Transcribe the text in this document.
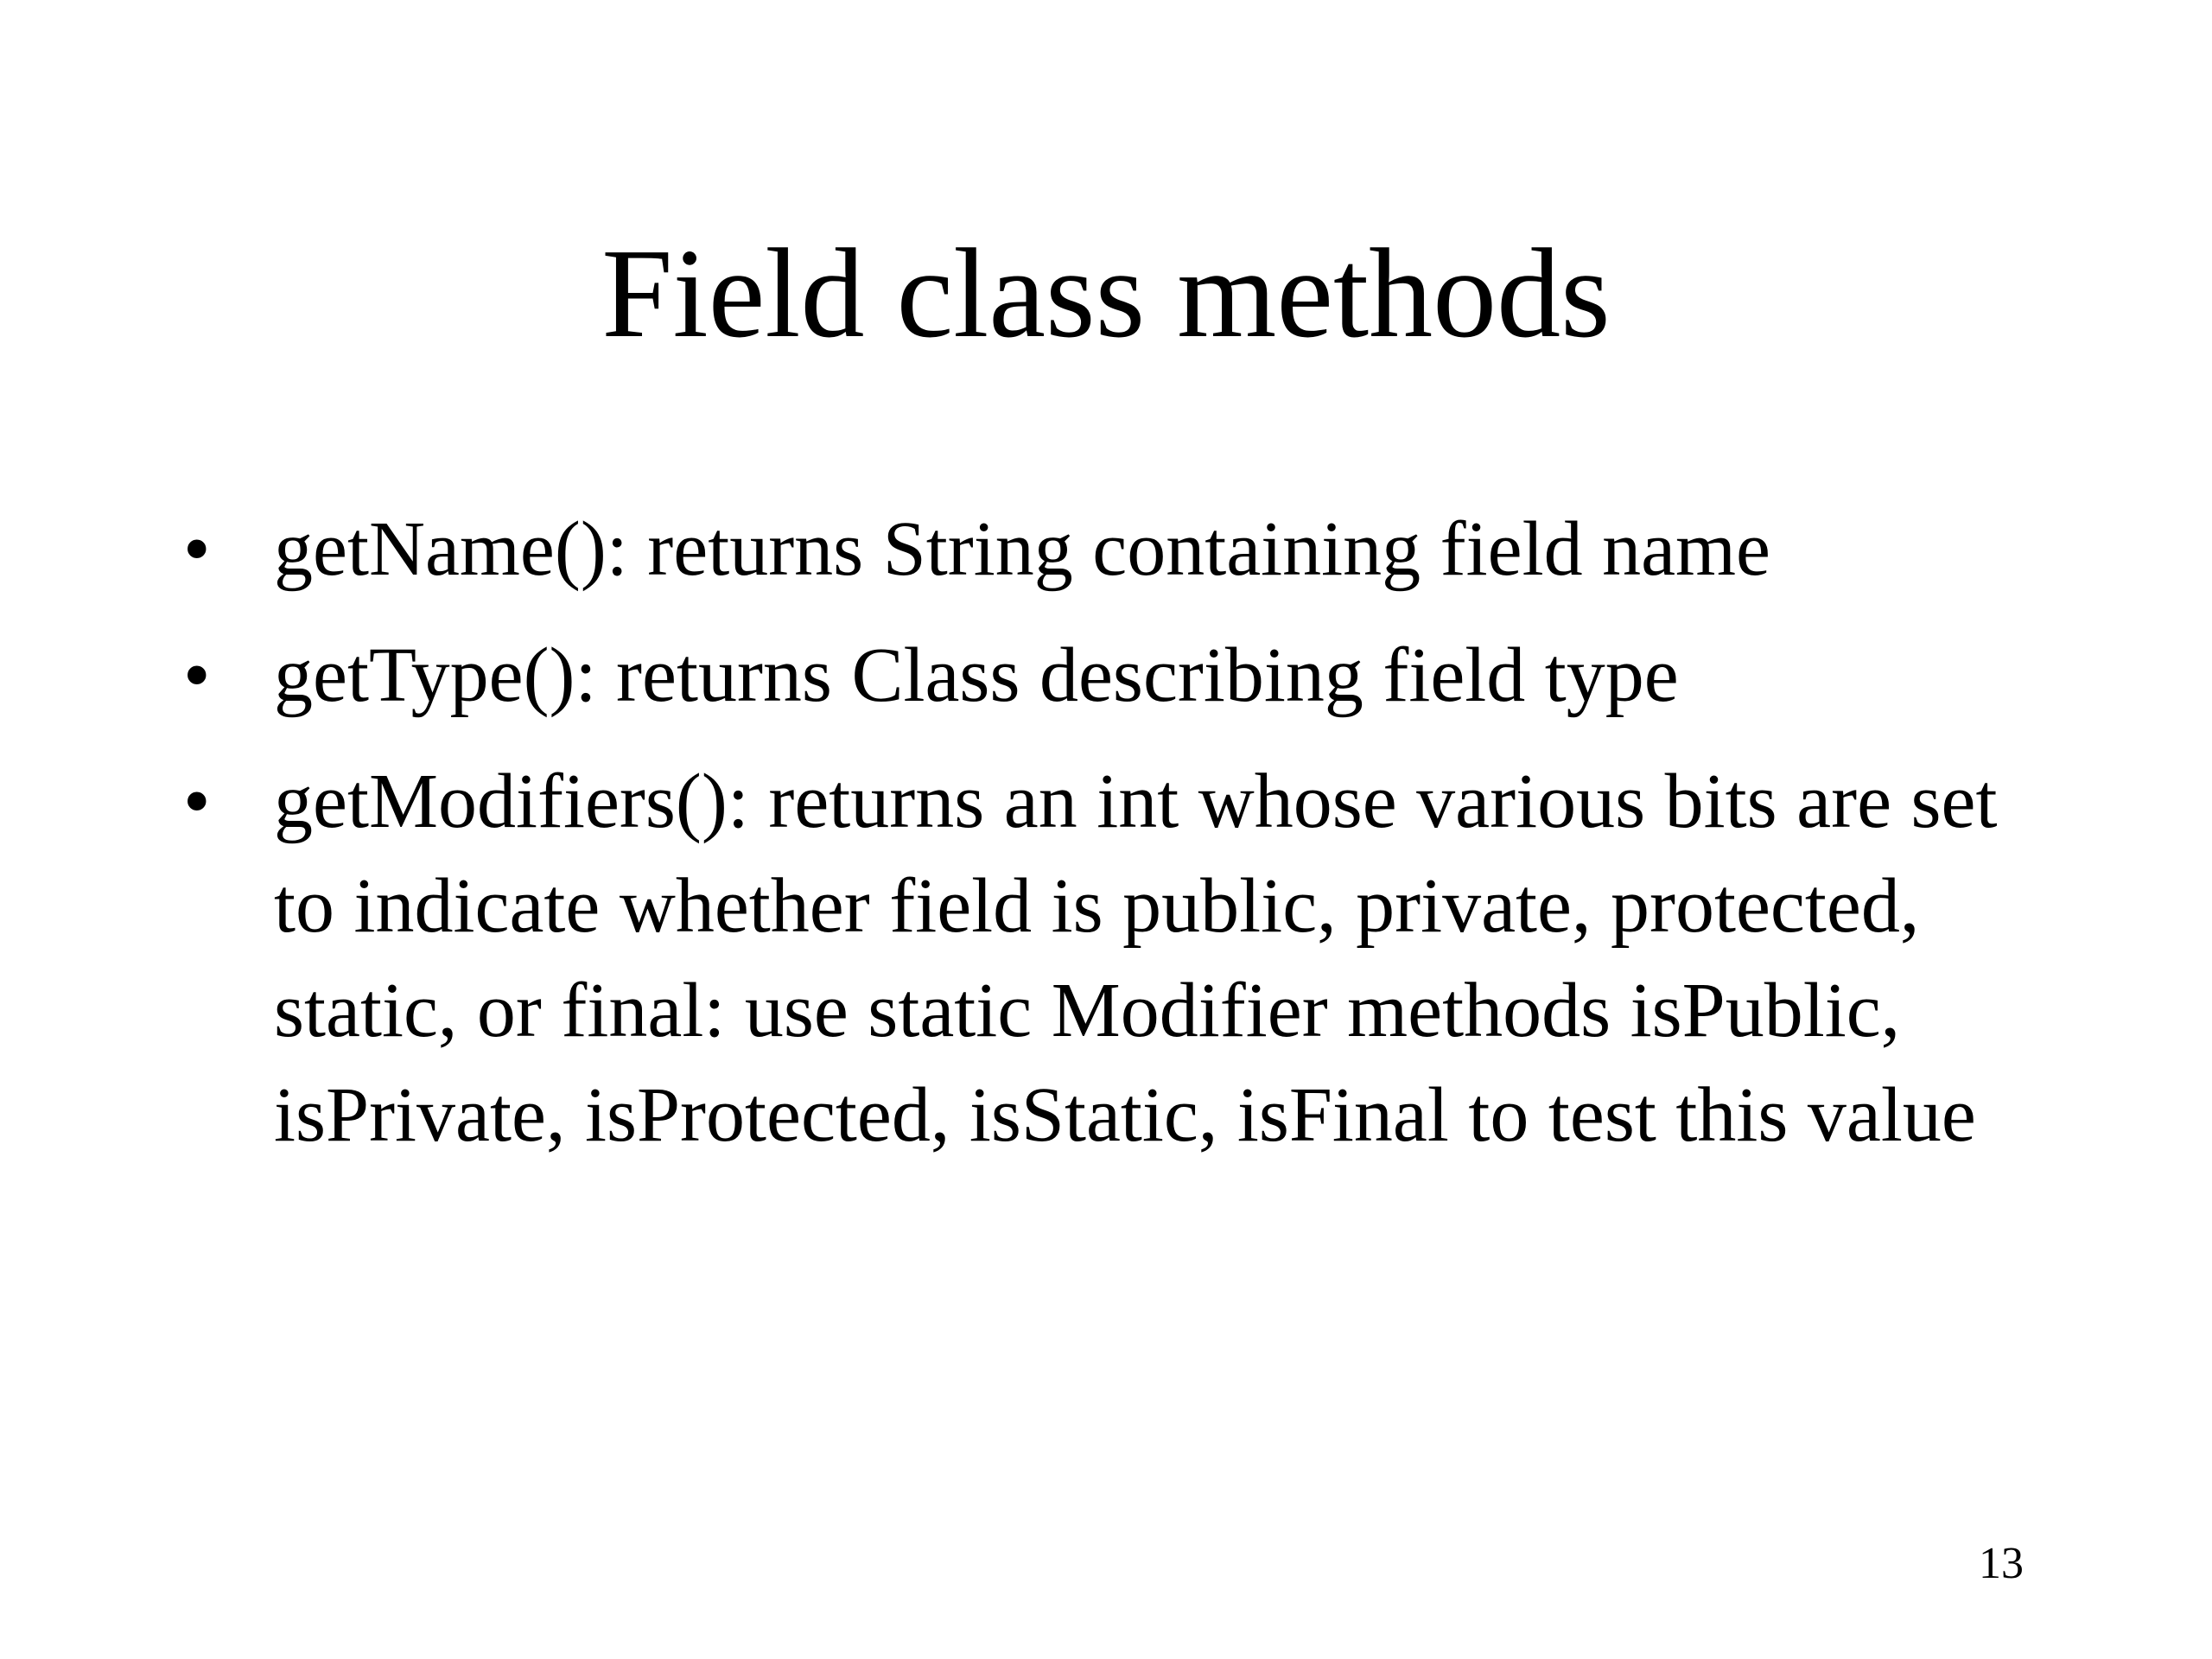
Field class methods
• getName(): returns String containing field name
• getType(): returns Class describing field type
• getModifiers(): returns an int whose various bits are set to indicate whether field is public, private, protected, static, or final: use static Modifier methods isPublic, isPrivate, isProtected, isStatic, isFinal to test this value
13
